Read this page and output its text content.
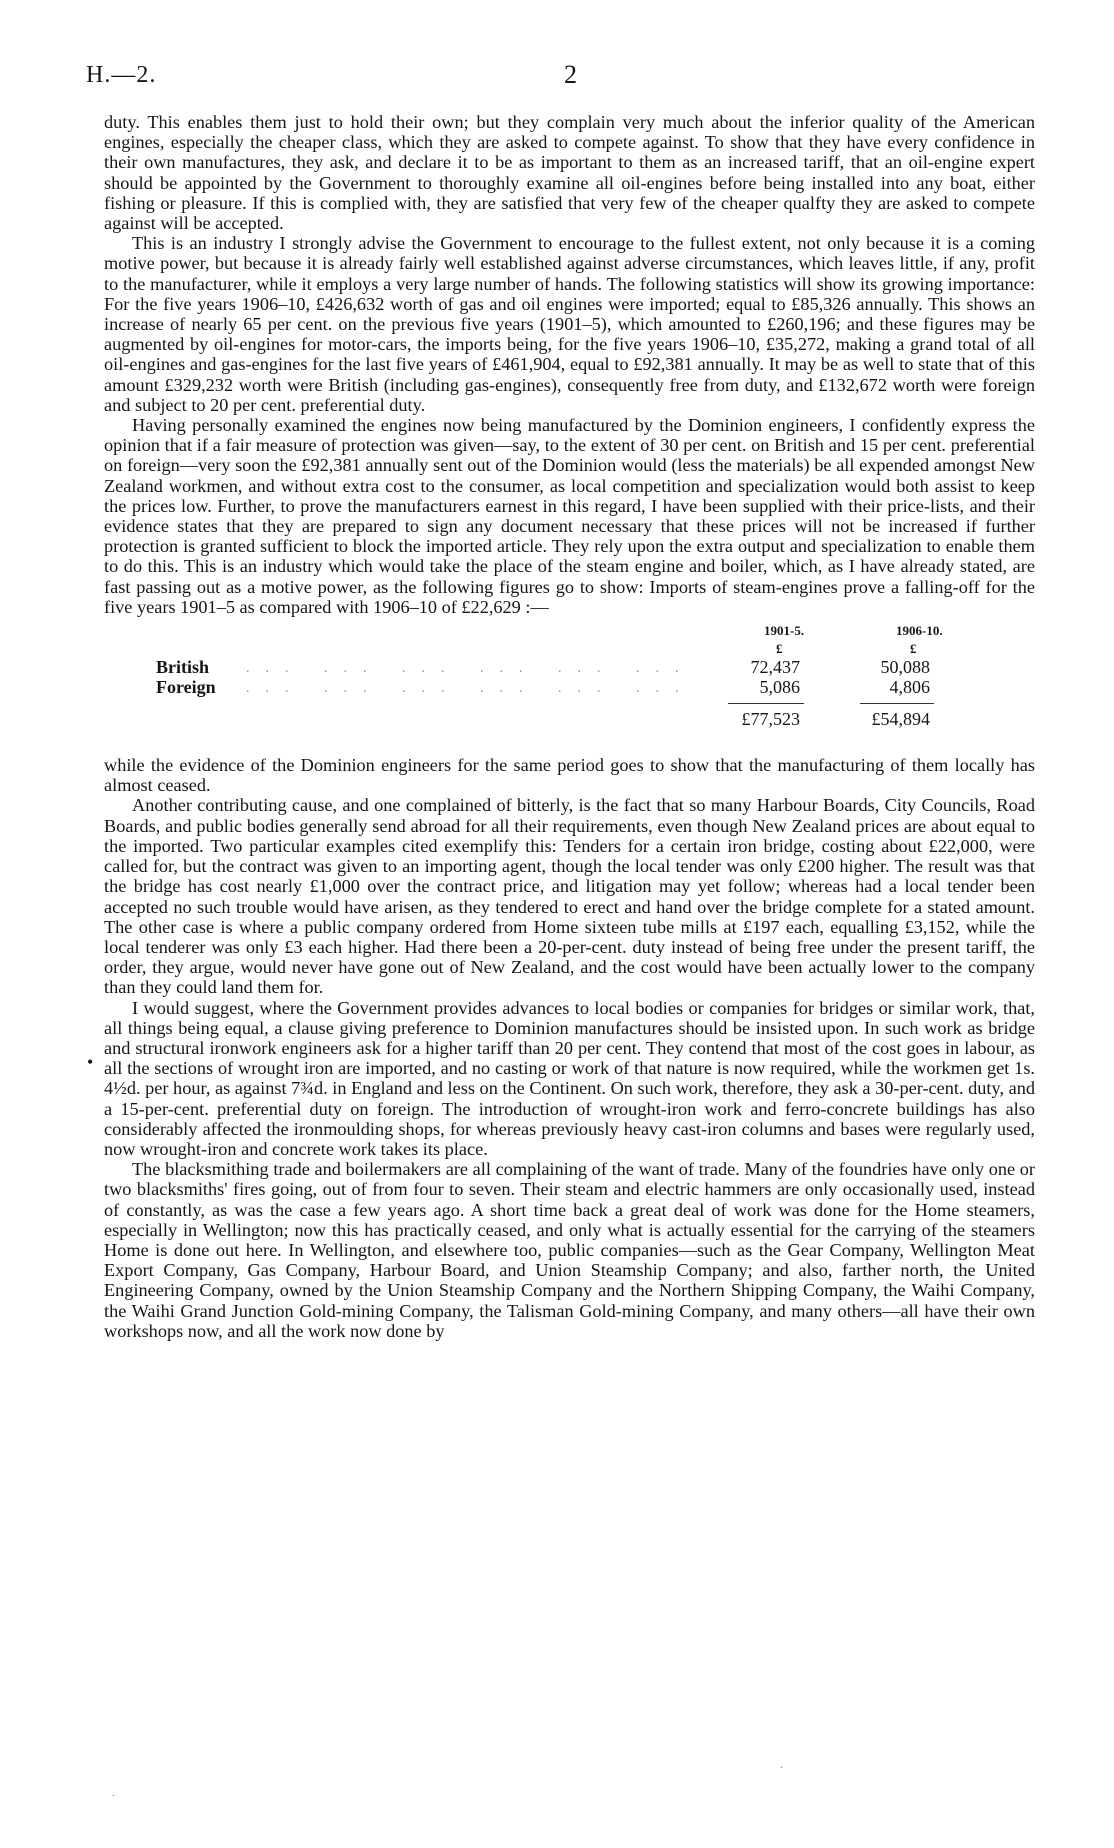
H.—2.	2
•

duty. This enables them just to hold their own; but they complain very much about the inferior quality of the American engines, especially the cheaper class, which they are asked to compete against. To show that they have every confidence in their own manufactures, they ask, and declare it to be as important to them as an increased tariff, that an oil-engine expert should be appointed by the Government to thoroughly examine all oil-engines before being installed into any boat, either fishing or pleasure. If this is complied with, they are satisfied that very few of the cheaper qualfty they are asked to compete against will be accepted.

This is an industry I strongly advise the Government to encourage to the fullest extent, not only because it is a coming motive power, but because it is already fairly well established against adverse circumstances, which leaves little, if any, profit to the manufacturer, while it employs a very large number of hands. The following statistics will show its growing importance: For the five years 1906–10, £426,632 worth of gas and oil engines were imported; equal to £85,326 annually. This shows an increase of nearly 65 per cent. on the previous five years (1901–5), which amounted to £260,196; and these figures may be augmented by oil-engines for motor-cars, the imports being, for the five years 1906–10, £35,272, making a grand total of all oil-engines and gas-engines for the last five years of £461,904, equal to £92,381 annually. It may be as well to state that of this amount £329,232 worth were British (including gas-engines), consequently free from duty, and £132,672 worth were foreign and subject to 20 per cent. preferential duty.

Having personally examined the engines now being manufactured by the Dominion engineers, I confidently express the opinion that if a fair measure of protection was given—say, to the extent of 30 per cent. on British and 15 per cent. preferential on foreign—very soon the £92,381 annually sent out of the Dominion would (less the materials) be all expended amongst New Zealand workmen, and without extra cost to the consumer, as local competition and specialization would both assist to keep the prices low. Further, to prove the manufacturers earnest in this regard, I have been supplied with their price-lists, and their evidence states that they are prepared to sign any document necessary that these prices will not be increased if further protection is granted sufficient to block the imported article. They rely upon the extra output and specialization to enable them to do this. This is an industry which would take the place of the steam engine and boiler, which, as I have already stated, are fast passing out as a motive power, as the following figures go to show: Imports of steam-engines prove a falling-off for the five years 1901–5 as compared with 1906–10 of £22,629 :—

1901-5.	1906-10.
£	£
British	... ... ... ... ... ...	72,437	50,088
Foreign ... ... ... ... ... ...	5,086	4,806
£77,523	£54,894

while the evidence of the Dominion engineers for the same period goes to show that the manufacturing of them locally has almost ceased.

Another contributing cause, and one complained of bitterly, is the fact that so many Harbour Boards, City Councils, Road Boards, and public bodies generally send abroad for all their requirements, even though New Zealand prices are about equal to the imported. Two particular examples cited exemplify this: Tenders for a certain iron bridge, costing about £22,000, were called for, but the contract was given to an importing agent, though the local tender was only £200 higher. The result was that the bridge has cost nearly £1,000 over the contract price, and litigation may yet follow; whereas had a local tender been accepted no such trouble would have arisen, as they tendered to erect and hand over the bridge complete for a stated amount. The other case is where a public company ordered from Home sixteen tube mills at £197 each, equalling £3,152, while the local tenderer was only £3 each higher. Had there been a 20-per-cent. duty instead of being free under the present tariff, the order, they argue, would never have gone out of New Zealand, and the cost would have been actually lower to the company than they could land them for.

I would suggest, where the Government provides advances to local bodies or companies for bridges or similar work, that, all things being equal, a clause giving preference to Dominion manufactures should be insisted upon. In such work as bridge and structural ironwork engineers ask for a higher tariff than 20 per cent. They contend that most of the cost goes in labour, as all the sections of wrought iron are imported, and no casting or work of that nature is now required, while the workmen get 1s. 4½d. per hour, as against 7¾d. in England and less on the Continent. On such work, therefore, they ask a 30-per-cent. duty, and a 15-per-cent. preferential duty on foreign. The introduction of wrought-iron work and ferro-concrete buildings has also considerably affected the ironmoulding shops, for whereas previously heavy cast-iron columns and bases were regularly used, now wrought-iron and concrete work takes its place.

The blacksmithing trade and boilermakers are all complaining of the want of trade. Many of the foundries have only one or two blacksmiths' fires going, out of from four to seven. Their steam and electric hammers are only occasionally used, instead of constantly, as was the case a few years ago. A short time back a great deal of work was done for the Home steamers, especially in Wellington; now this has practically ceased, and only what is actually essential for the carrying of the steamers Home is done out here. In Wellington, and elsewhere too, public companies—such as the Gear Company, Wellington Meat Export Company, Gas Company, Harbour Board, and Union Steamship Company; and also, farther north, the United Engineering Company, owned by the Union Steamship Company and the Northern Shipping Company, the Waihi Company, the Waihi Grand Junction Gold-mining Company, the Talisman Gold-mining Company, and many others—all have their own workshops now, and all the work now done by

.
.
